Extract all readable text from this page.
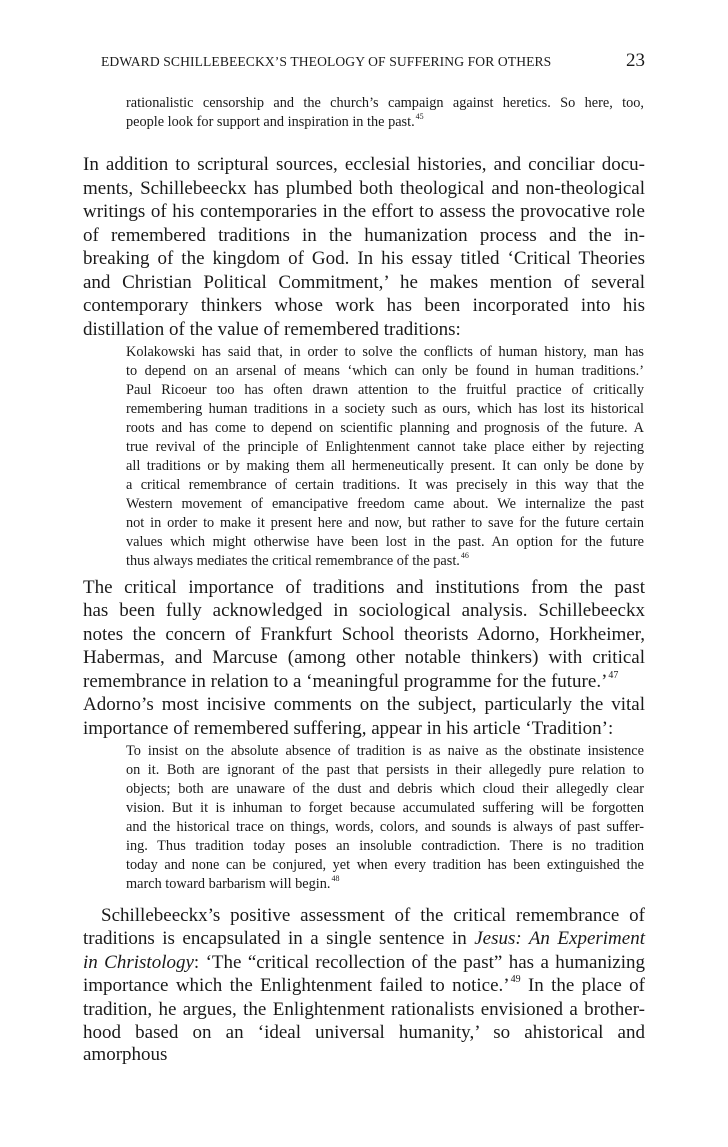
EDWARD SCHILLEBEECKX’S THEOLOGY OF SUFFERING FOR OTHERS	23
rationalistic censorship and the church’s campaign against heretics. So here, too,
people look for support and inspiration in the past.$^{45}$
In addition to scriptural sources, ecclesial histories, and conciliar docu-
ments, Schillebeeckx has plumbed both theological and non-theological
writings of his contemporaries in the effort to assess the provocative role
of remembered traditions in the humanization process and the in-
breaking of the kingdom of God. In his essay titled ‘Critical Theories
and Christian Political Commitment,’ he makes mention of several
contemporary thinkers whose work has been incorporated into his
distillation of the value of remembered traditions:
Kolakowski has said that, in order to solve the conflicts of human history, man has
to depend on an arsenal of means ‘which can only be found in human traditions.’
Paul Ricoeur too has often drawn attention to the fruitful practice of critically
remembering human traditions in a society such as ours, which has lost its historical
roots and has come to depend on scientific planning and prognosis of the future. A
true revival of the principle of Enlightenment cannot take place either by rejecting
all traditions or by making them all hermeneutically present. It can only be done by
a critical remembrance of certain traditions. It was precisely in this way that the
Western movement of emancipative freedom came about. We internalize the past
not in order to make it present here and now, but rather to save for the future certain
values which might otherwise have been lost in the past. An option for the future
thus always mediates the critical remembrance of the past.$^{46}$
The critical importance of traditions and institutions from the past
has been fully acknowledged in sociological analysis. Schillebeeckx
notes the concern of Frankfurt School theorists Adorno, Horkheimer,
Habermas, and Marcuse (among other notable thinkers) with critical
remembrance in relation to a ‘meaningful programme for the future.’$^{47}$
Adorno’s most incisive comments on the subject, particularly the vital
importance of remembered suffering, appear in his article ‘Tradition’:
To insist on the absolute absence of tradition is as naive as the obstinate insistence
on it. Both are ignorant of the past that persists in their allegedly pure relation to
objects; both are unaware of the dust and debris which cloud their allegedly clear
vision. But it is inhuman to forget because accumulated suffering will be forgotten
and the historical trace on things, words, colors, and sounds is always of past suffer-
ing. Thus tradition today poses an insoluble contradiction. There is no tradition
today and none can be conjured, yet when every tradition has been extinguished the
march toward barbarism will begin.$^{48}$
Schillebeeckx’s positive assessment of the critical remembrance of
traditions is encapsulated in a single sentence in Jesus: An Experiment
in Christology: ‘The “critical recollection of the past” has a humanizing
importance which the Enlightenment failed to notice.’$^{49}$ In the place of
tradition, he argues, the Enlightenment rationalists envisioned a brother-
hood based on an ‘ideal universal humanity,’ so ahistorical and amorphous
